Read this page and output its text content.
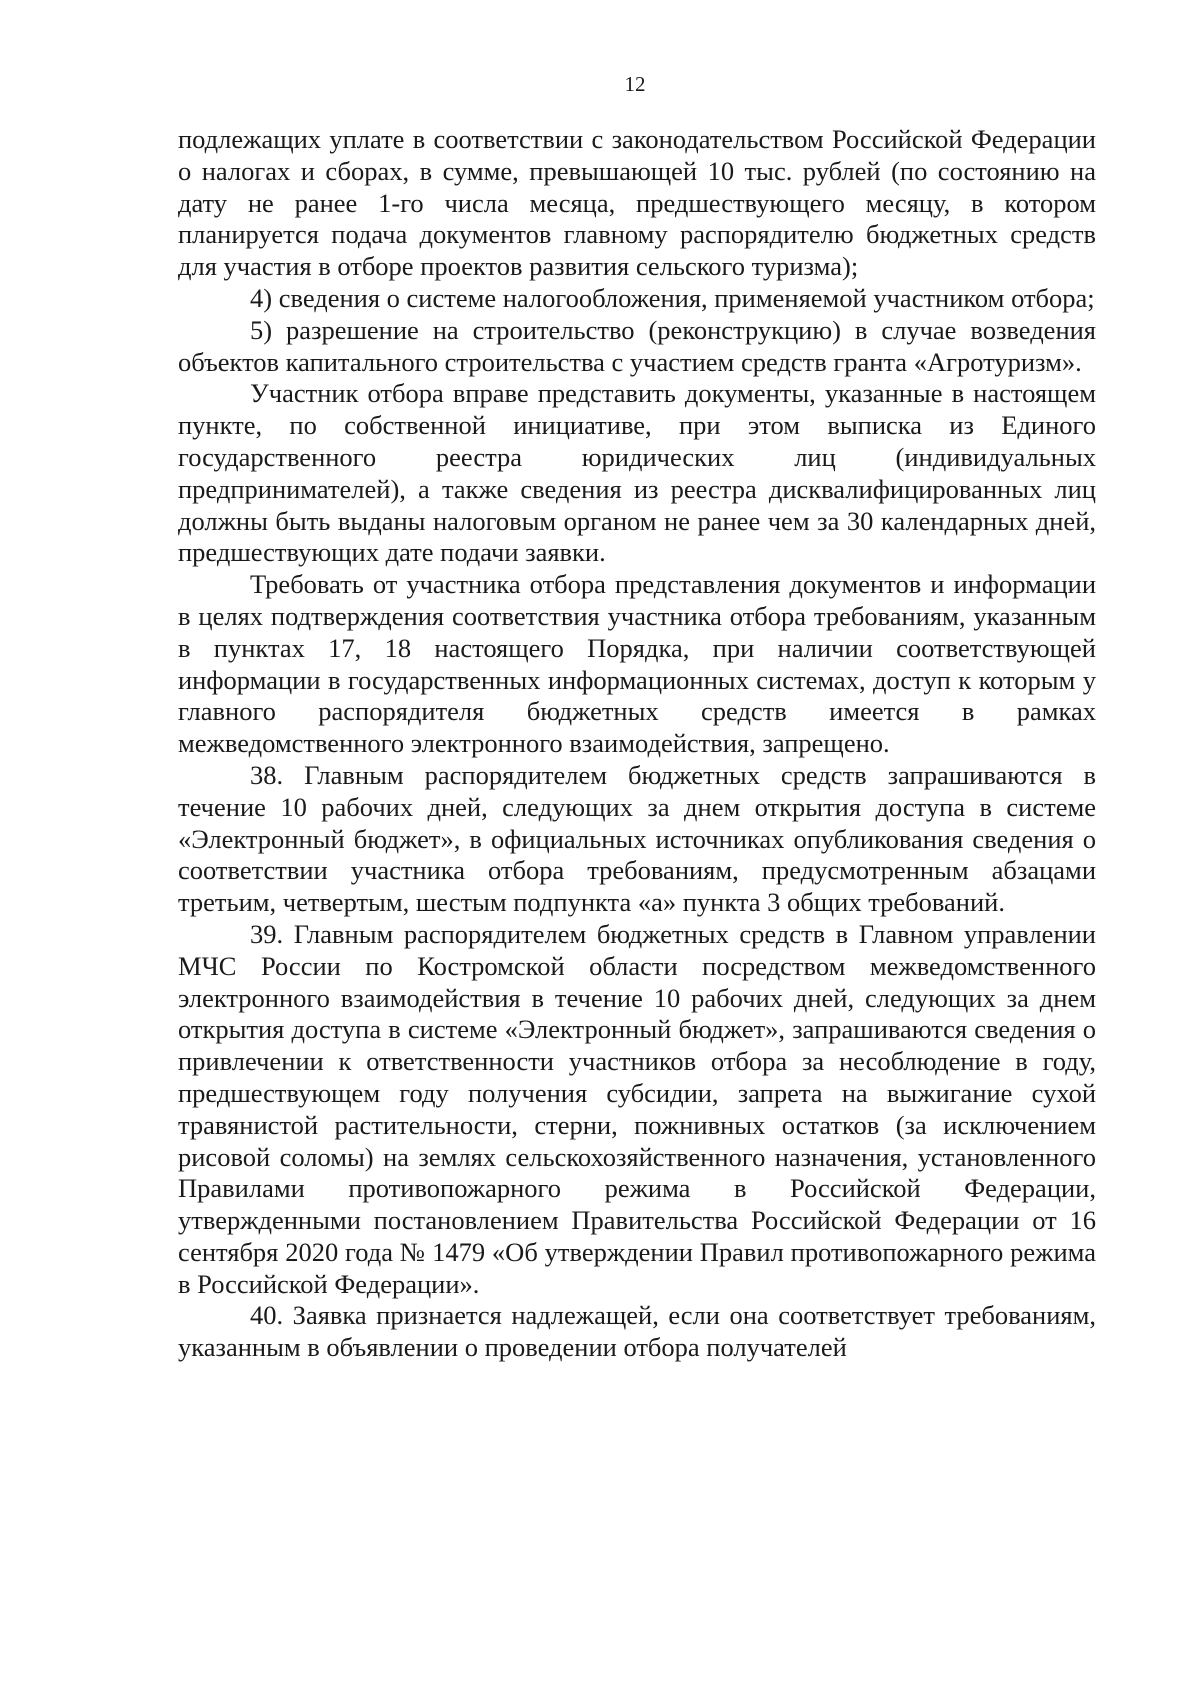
12

подлежащих уплате в соответствии с законодательством Российской Федерации о налогах и сборах, в сумме, превышающей 10 тыс. рублей (по состоянию на дату не ранее 1-го числа месяца, предшествующего месяцу, в котором планируется подача документов главному распорядителю бюджетных средств для участия в отборе проектов развития сельского туризма);

4) сведения о системе налогообложения, применяемой участником отбора;

5) разрешение на строительство (реконструкцию) в случае возведения объектов капитального строительства с участием средств гранта «Агротуризм».

Участник отбора вправе представить документы, указанные в настоящем пункте, по собственной инициативе, при этом выписка из Единого государственного реестра юридических лиц (индивидуальных предпринимателей), а также сведения из реестра дисквалифицированных лиц должны быть выданы налоговым органом не ранее чем за 30 календарных дней, предшествующих дате подачи заявки.

Требовать от участника отбора представления документов и информации в целях подтверждения соответствия участника отбора требованиям, указанным в пунктах 17, 18 настоящего Порядка, при наличии соответствующей информации в государственных информационных системах, доступ к которым у главного распорядителя бюджетных средств имеется в рамках межведомственного электронного взаимодействия, запрещено.

38. Главным распорядителем бюджетных средств запрашиваются в течение 10 рабочих дней, следующих за днем открытия доступа в системе «Электронный бюджет», в официальных источниках опубликования сведения о соответствии участника отбора требованиям, предусмотренным абзацами третьим, четвертым, шестым подпункта «а» пункта 3 общих требований.

39. Главным распорядителем бюджетных средств в Главном управлении МЧС России по Костромской области посредством межведомственного электронного взаимодействия в течение 10 рабочих дней, следующих за днем открытия доступа в системе «Электронный бюджет», запрашиваются сведения о привлечении к ответственности участников отбора за несоблюдение в году, предшествующем году получения субсидии, запрета на выжигание сухой травянистой растительности, стерни, пожнивных остатков (за исключением рисовой соломы) на землях сельскохозяйственного назначения, установленного Правилами противопожарного режима в Российской Федерации, утвержденными постановлением Правительства Российской Федерации от 16 сентября 2020 года № 1479 «Об утверждении Правил противопожарного режима в Российской Федерации».

40. Заявка признается надлежащей, если она соответствует требованиям, указанным в объявлении о проведении отбора получателей
